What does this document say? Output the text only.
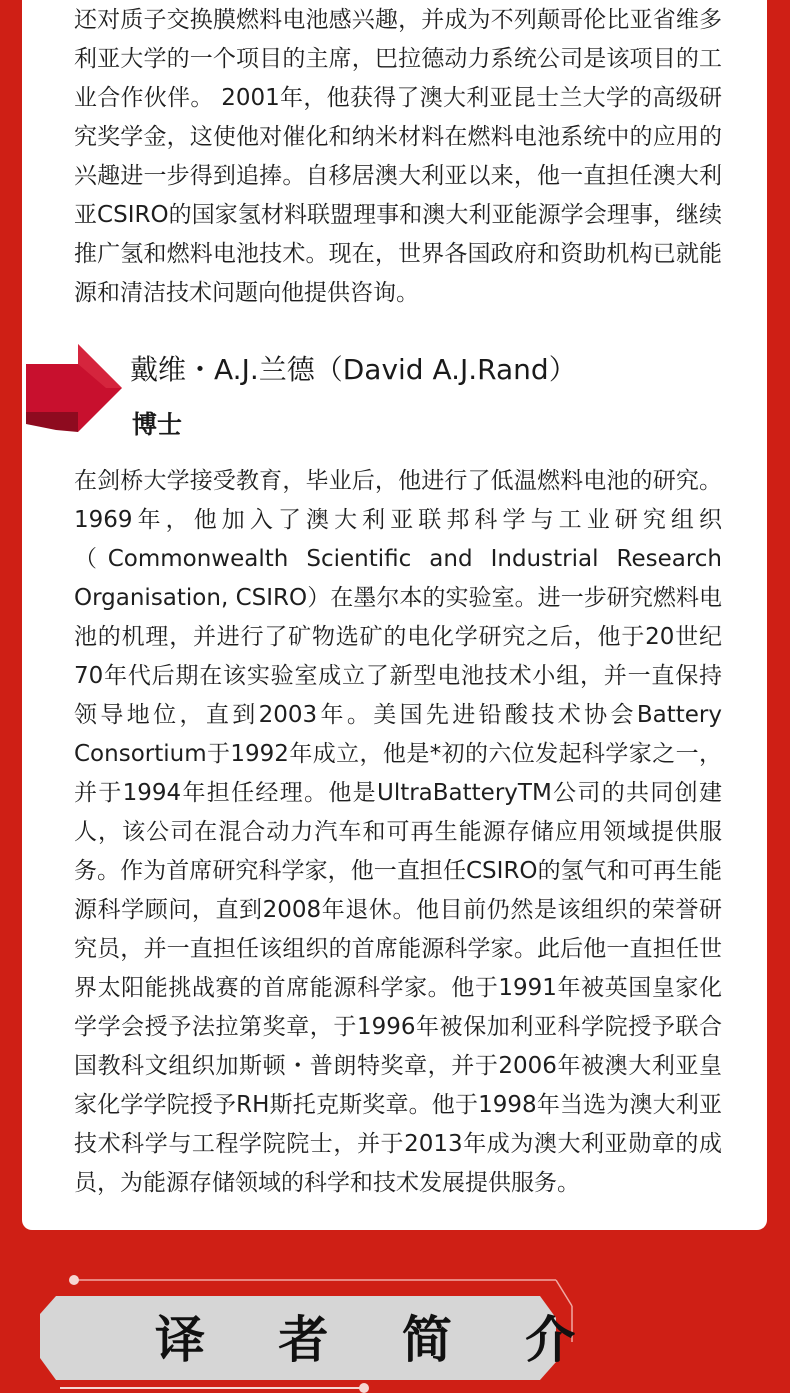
还对质子交换膜燃料电池感兴趣，并成为不列颠哥伦比亚省维多利亚大学的一个项目的主席，巴拉德动力系统公司是该项目的工业合作伙伴。 2001年，他获得了澳大利亚昆士兰大学的高级研究奖学金，这使他对催化和纳米材料在燃料电池系统中的应用的兴趣进一步得到追捧。自移居澳大利亚以来，他一直担任澳大利亚CSIRO的国家氢材料联盟理事和澳大利亚能源学会理事，继续推广氢和燃料电池技术。现在，世界各国政府和资助机构已就能源和清洁技术问题向他提供咨询。

戴维・A.J.兰德（David A.J.Rand）
博士

在剑桥大学接受教育，毕业后，他进行了低温燃料电池的研究。1969年，他加入了澳大利亚联邦科学与工业研究组织（Commonwealth Scientific and Industrial Research Organisation, CSIRO）在墨尔本的实验室。进一步研究燃料电池的机理，并进行了矿物选矿的电化学研究之后，他于20世纪70年代后期在该实验室成立了新型电池技术小组，并一直保持领导地位，直到2003年。美国先进铅酸技术协会Battery Consortium于1992年成立，他是*初的六位发起科学家之一，并于1994年担任经理。他是UltraBatteryTM公司的共同创建人，该公司在混合动力汽车和可再生能源存储应用领域提供服务。作为首席研究科学家，他一直担任CSIRO的氢气和可再生能源科学顾问，直到2008年退休。他目前仍然是该组织的荣誉研究员，并一直担任该组织的首席能源科学家。此后他一直担任世界太阳能挑战赛的首席能源科学家。他于1991年被英国皇家化学学会授予法拉第奖章，于1996年被保加利亚科学院授予联合国教科文组织加斯顿・普朗特奖章，并于2006年被澳大利亚皇家化学学院授予RH斯托克斯奖章。他于1998年当选为澳大利亚技术科学与工程学院院士，并于2013年成为澳大利亚勋章的成员，为能源存储领域的科学和技术发展提供服务。

译 者 简 介
